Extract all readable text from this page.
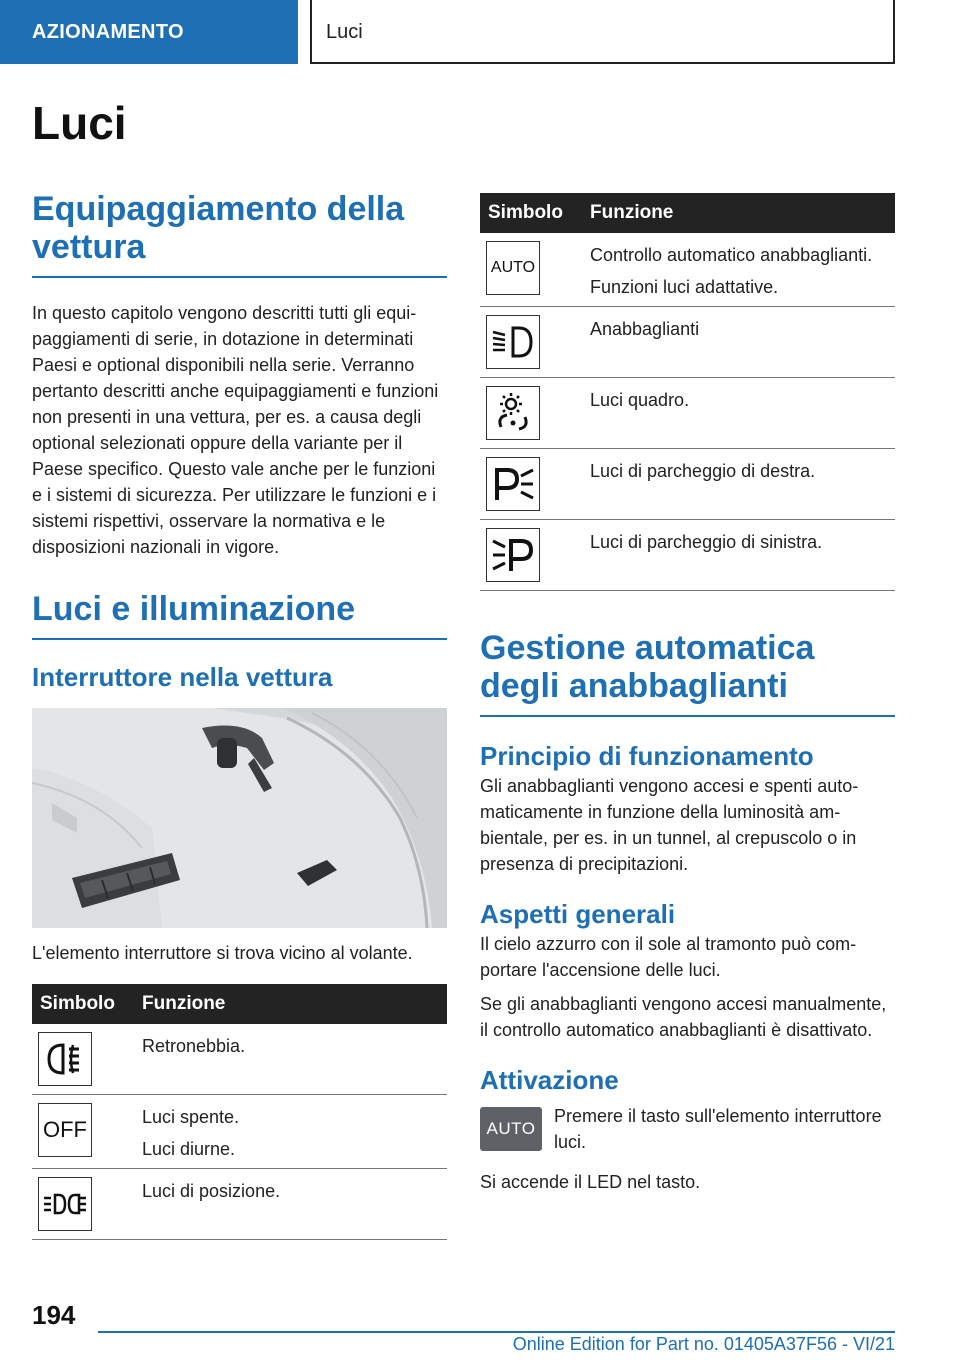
AZIONAMENTO	Luci
Luci
Equipaggiamento della vettura

In questo capitolo vengono descritti tutti gli equipaggiamenti di serie, in dotazione in determinati Paesi e optional disponibili nella serie. Verranno pertanto descritti anche equipaggiamenti e funzioni non presenti in una vettura, per es. a causa degli optional selezionati oppure della variante per il Paese specifico. Questo vale anche per le funzioni e i sistemi di sicurezza. Per utilizzare le funzioni e i sistemi rispettivi, osservare la normativa e le disposizioni nazionali in vigore.

Luci e illuminazione
Interruttore nella vettura

L'elemento interruttore si trova vicino al volante.

Simbolo	Funzione

Retronebbia.

OFF	Luci spente.
Luci diurne.

Luci di posizione.
Simbolo	Funzione

AUTO	Controllo automatico anabbaglianti.
Funzioni luci adattative.

Anabbaglianti

Luci quadro.

Luci di parcheggio di destra.

Luci di parcheggio di sinistra.
Gestione automatica degli anabbaglianti
Principio di funzionamento

Gli anabbaglianti vengono accesi e spenti automaticamente in funzione della luminosità ambientale, per es. in un tunnel, al crepuscolo o in presenza di precipitazioni.

Aspetti generali

Il cielo azzurro con il sole al tramonto può comportare l'accensione delle luci.

Se gli anabbaglianti vengono accesi manualmente, il controllo automatico anabbaglianti è disattivato.

Attivazione
AUTO

Premere il tasto sull'elemento interruttore luci.

Si accende il LED nel tasto.

194
Online Edition for Part no. 01405A37F56 - VI/21
